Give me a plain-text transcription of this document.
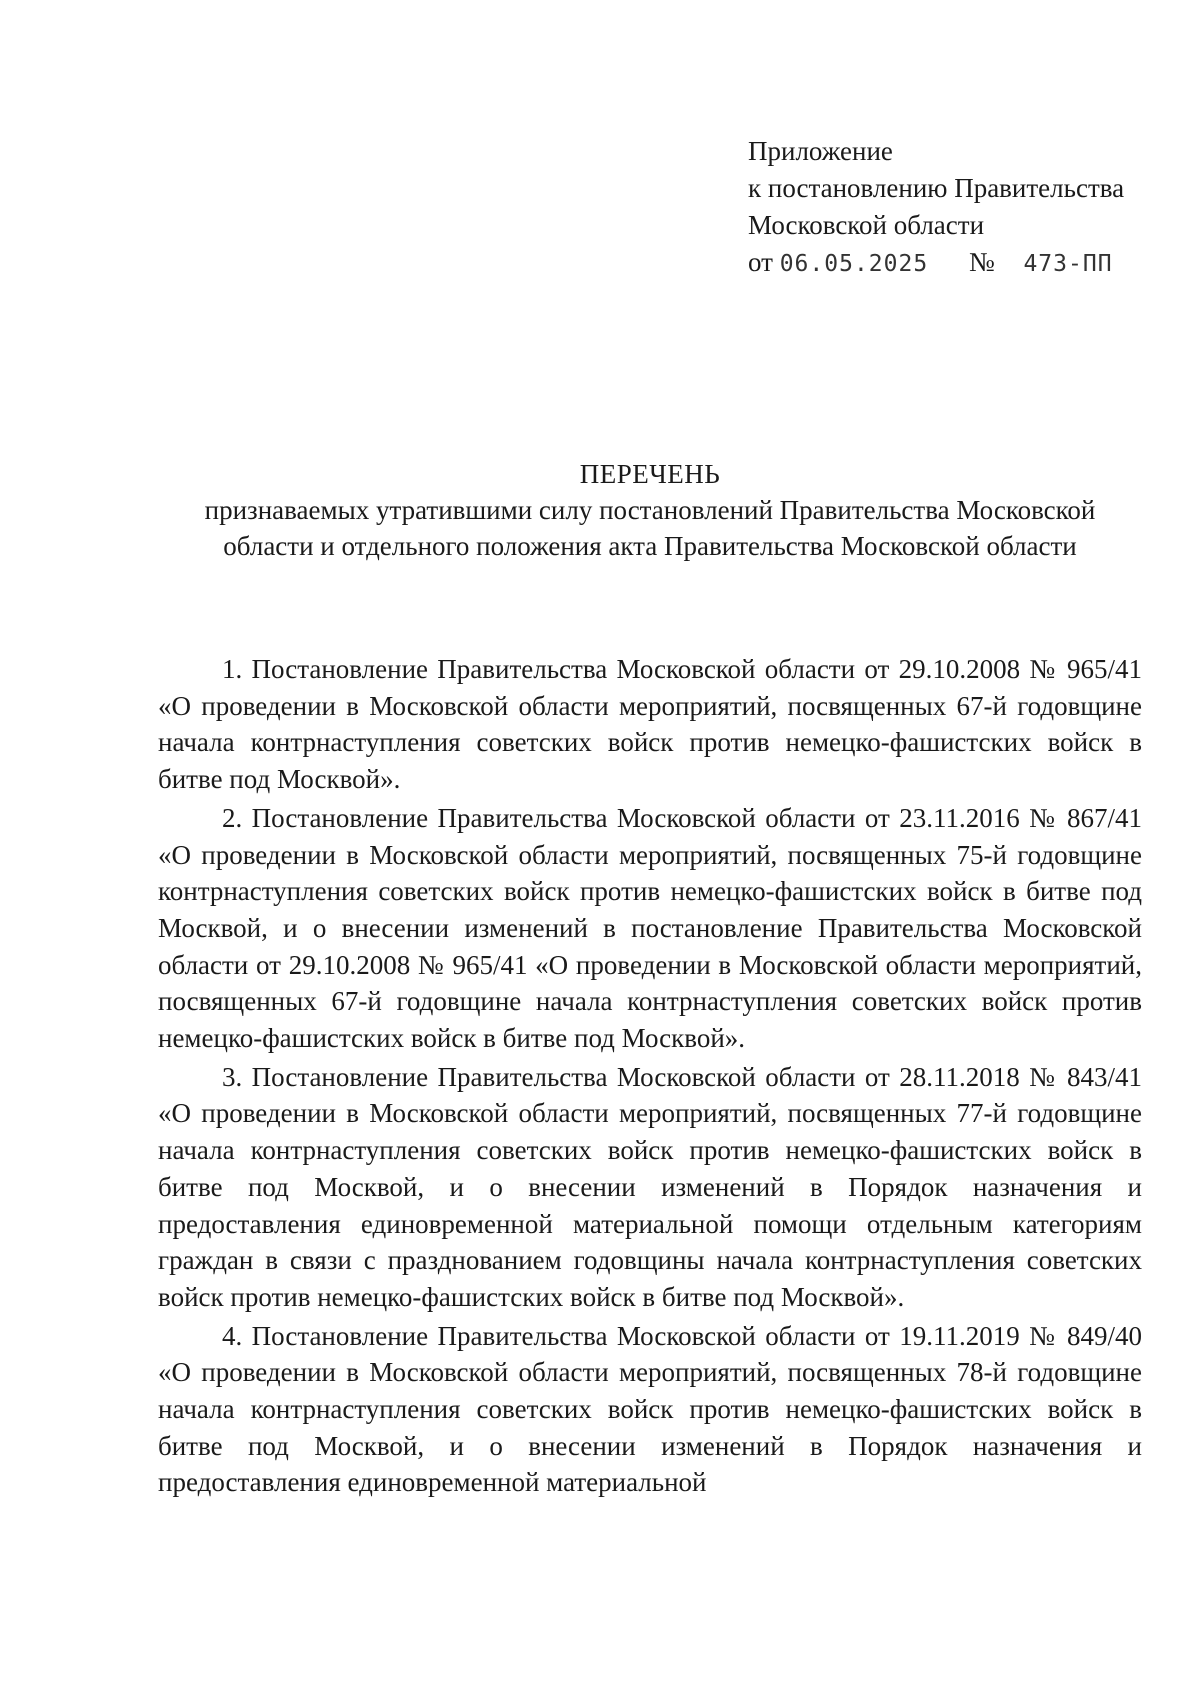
Приложение
к постановлению Правительства
Московской области
от 06.05.2025 № 473-ПП
ПЕРЕЧЕНЬ
признаваемых утратившими силу постановлений Правительства Московской области и отдельного положения акта Правительства Московской области

1. Постановление Правительства Московской области от 29.10.2008 № 965/41 «О проведении в Московской области мероприятий, посвященных 67-й годовщине начала контрнаступления советских войск против немецко-фашистских войск в битве под Москвой».

2. Постановление Правительства Московской области от 23.11.2016 № 867/41 «О проведении в Московской области мероприятий, посвященных 75-й годовщине контрнаступления советских войск против немецко-фашистских войск в битве под Москвой, и о внесении изменений в постановление Правительства Московской области от 29.10.2008 № 965/41 «О проведении в Московской области мероприятий, посвященных 67-й годовщине начала контрнаступления советских войск против немецко-фашистских войск в битве под Москвой».

3. Постановление Правительства Московской области от 28.11.2018 № 843/41 «О проведении в Московской области мероприятий, посвященных 77-й годовщине начала контрнаступления советских войск против немецко-фашистских войск в битве под Москвой, и о внесении изменений в Порядок назначения и предоставления единовременной материальной помощи отдельным категориям граждан в связи с празднованием годовщины начала контрнаступления советских войск против немецко-фашистских войск в битве под Москвой».

4. Постановление Правительства Московской области от 19.11.2019 № 849/40 «О проведении в Московской области мероприятий, посвященных 78-й годовщине начала контрнаступления советских войск против немецко-фашистских войск в битве под Москвой, и о внесении изменений в Порядок назначения и предоставления единовременной материальной
